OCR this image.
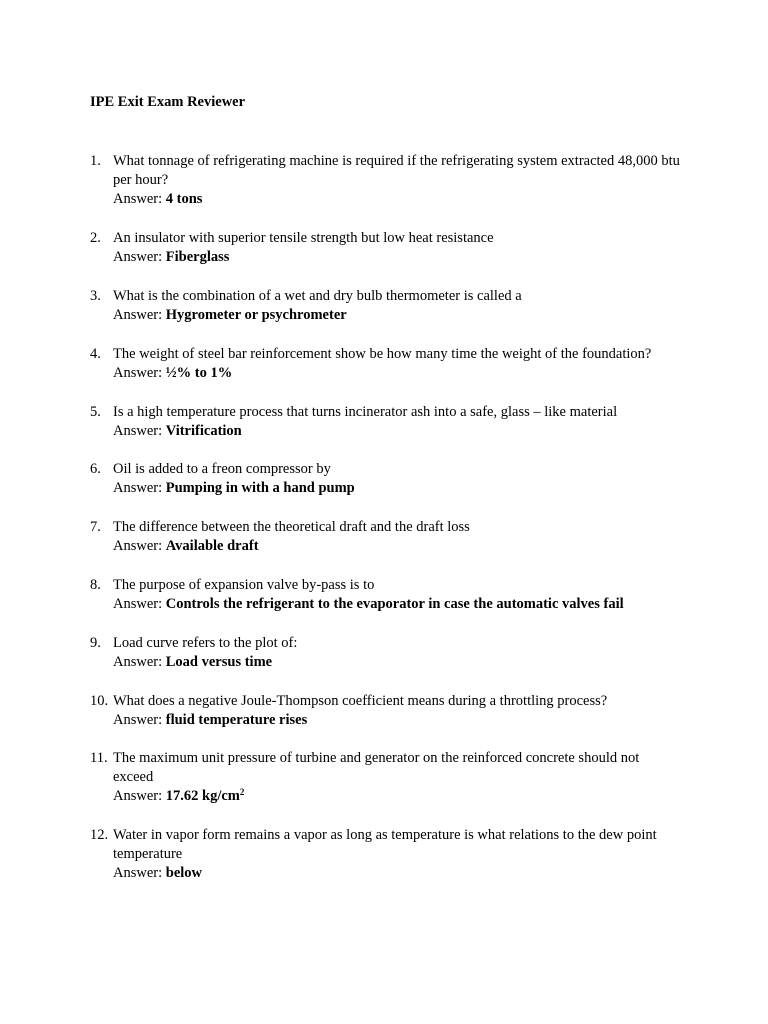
IPE Exit Exam Reviewer
1. What tonnage of refrigerating machine is required if the refrigerating system extracted 48,000 btu per hour?
Answer: 4 tons
2. An insulator with superior tensile strength but low heat resistance
Answer: Fiberglass
3. What is the combination of a wet and dry bulb thermometer is called a
Answer: Hygrometer or psychrometer
4. The weight of steel bar reinforcement show be how many time the weight of the foundation?
Answer: ½% to 1%
5. Is a high temperature process that turns incinerator ash into a safe, glass – like material
Answer: Vitrification
6. Oil is added to a freon compressor by
Answer: Pumping in with a hand pump
7. The difference between the theoretical draft and the draft loss
Answer: Available draft
8. The purpose of expansion valve by-pass is to
Answer: Controls the refrigerant to the evaporator in case the automatic valves fail
9. Load curve refers to the plot of:
Answer: Load versus time
10. What does a negative Joule-Thompson coefficient means during a throttling process?
Answer: fluid temperature rises
11. The maximum unit pressure of turbine and generator on the reinforced concrete should not exceed
Answer: 17.62 $kg/cm^2$
12. Water in vapor form remains a vapor as long as temperature is what relations to the dew point temperature
Answer: below
